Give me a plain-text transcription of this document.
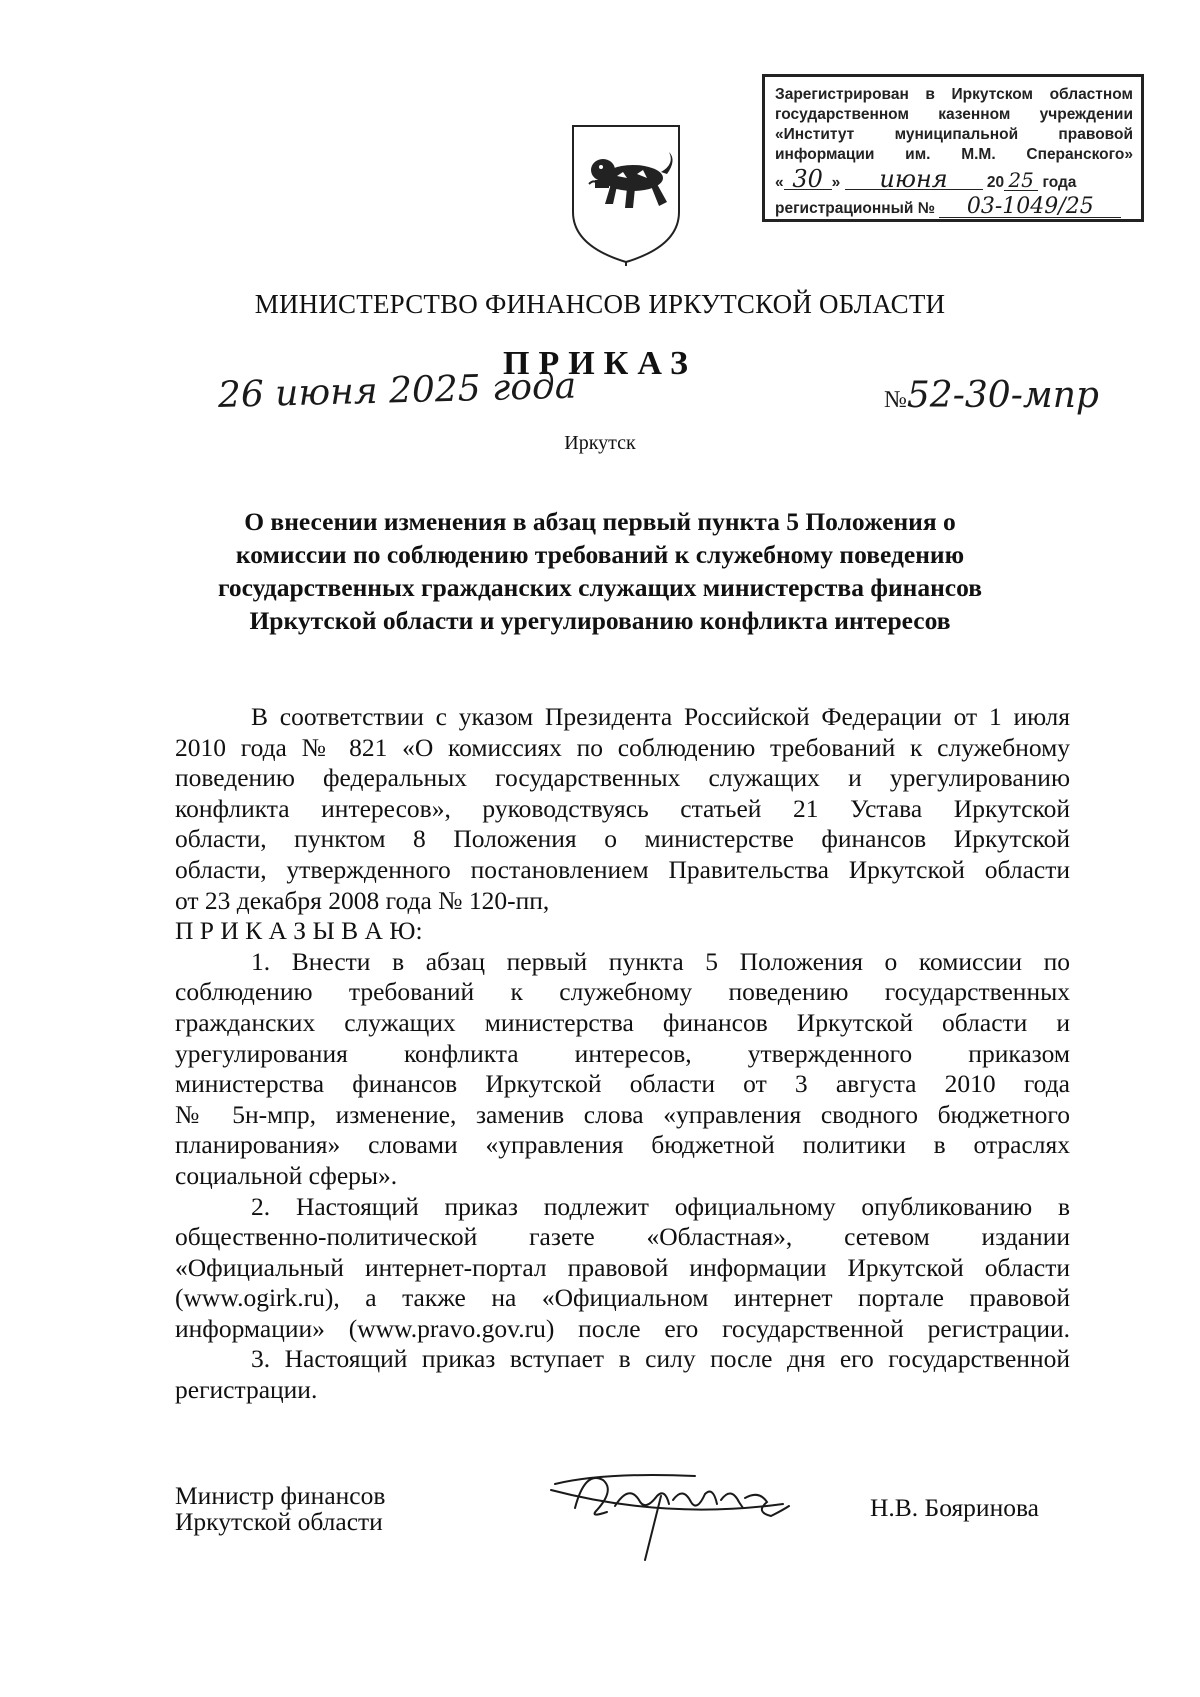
Зарегистрирован в Иркутском областном
государственном казенном учреждении
«Институт муниципальной правовой
информации им. М.М. Сперанского»
« 30 » июня	20 25 года
регистрационный № 03-1049/25
МИНИСТЕРСТВО ФИНАНСОВ ИРКУТСКОЙ ОБЛАСТИ
ПРИКАЗ
26 июня 2025 года	№52-30-мпр
Иркутск
О внесении изменения в абзац первый пункта 5 Положения о
комиссии по соблюдению требований к служебному поведению
государственных гражданских служащих министерства финансов
Иркутской области и урегулированию конфликта интересов
В соответствии с указом Президента Российской Федерации от 1 июля
2010 года № 821 «О комиссиях по соблюдению требований к служебному
поведению федеральных государственных служащих и урегулированию
конфликта интересов», руководствуясь статьей 21 Устава Иркутской
области, пунктом 8 Положения о министерстве финансов Иркутской
области, утвержденного постановлением Правительства Иркутской области
от 23 декабря 2008 года № 120-пп,
П Р И К А З Ы В А Ю:
1. Внести в абзац первый пункта 5 Положения о комиссии по
соблюдению требований к служебному поведению государственных
гражданских служащих министерства финансов Иркутской области и
урегулирования конфликта интересов, утвержденного приказом
министерства финансов Иркутской области от 3 августа 2010 года
№ 5н-мпр, изменение, заменив слова «управления сводного бюджетного
планирования» словами «управления бюджетной политики в отраслях
социальной сферы».
2. Настоящий приказ подлежит официальному опубликованию в
общественно-политической газете «Областная», сетевом издании
«Официальный интернет-портал правовой информации Иркутской области
(www.ogirk.ru), а также на «Официальном интернет портале правовой
информации» (www.pravo.gov.ru) после его государственной регистрации.
3. Настоящий приказ вступает в силу после дня его государственной
регистрации.
Министр финансов
Иркутской области	Н.В. Бояринова
